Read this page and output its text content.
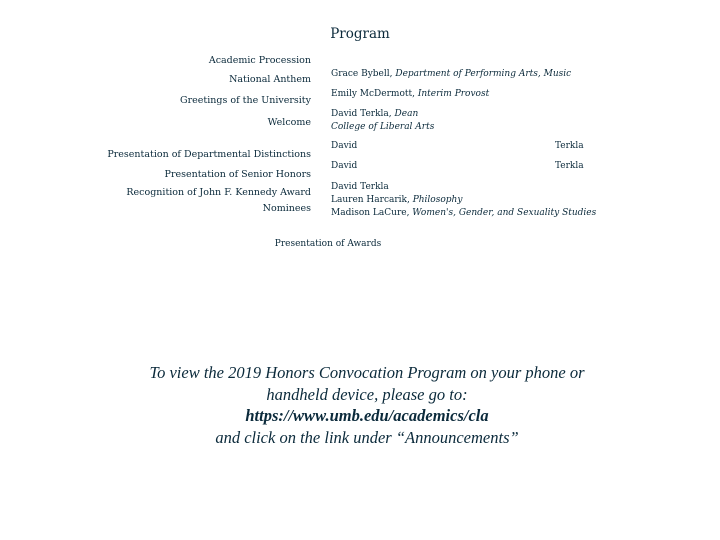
Program
Academic Procession
National Anthem
Greetings of the University
Welcome
Presentation of Departmental Distinctions
Presentation of Senior Honors
Recognition of John F. Kennedy Award
Nominees
Grace Bybell, Department of Performing Arts, Music
Emily McDermott, Interim Provost
David Terkla, Dean
College of Liberal Arts
David	Terkla
David	Terkla
David Terkla
Lauren Harcarik, Philosophy
Madison LaCure, Women's, Gender, and Sexuality Studies
Presentation of Awards
To view the 2019 Honors Convocation Program on your phone or
handheld device, please go to:
https://www.umb.edu/academics/cla
and click on the link under “Announcements”
